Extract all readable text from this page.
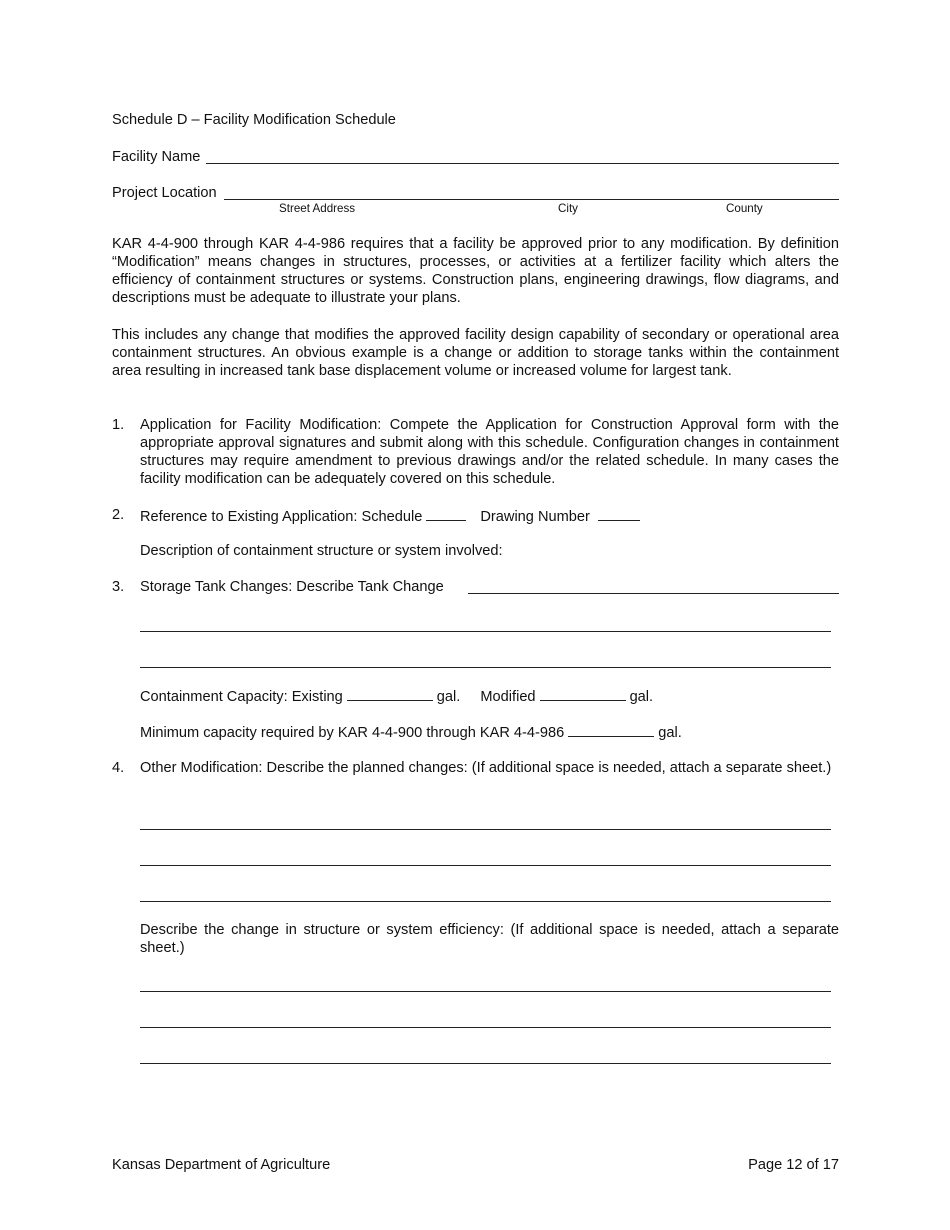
Schedule D – Facility Modification Schedule
Facility Name
Project Location
Street Address	City	County
KAR 4-4-900 through KAR 4-4-986 requires that a facility be approved prior to any modification. By definition “Modification” means changes in structures, processes, or activities at a fertilizer facility which alters the efficiency of containment structures or systems. Construction plans, engineering drawings, flow diagrams, and descriptions must be adequate to illustrate your plans.
This includes any change that modifies the approved facility design capability of secondary or operational area containment structures. An obvious example is a change or addition to storage tanks within the containment area resulting in increased tank base displacement volume or increased volume for largest tank.
1. Application for Facility Modification: Compete the Application for Construction Approval form with the appropriate approval signatures and submit along with this schedule. Configuration changes in containment structures may require amendment to previous drawings and/or the related schedule. In many cases the facility modification can be adequately covered on this schedule.
2. Reference to Existing Application: Schedule	Drawing Number
Description of containment structure or system involved:
3. Storage Tank Changes: Describe Tank Change
Containment Capacity: Existing	gal. Modified	gal.
Minimum capacity required by KAR 4-4-900 through KAR 4-4-986	gal.
4. Other Modification: Describe the planned changes: (If additional space is needed, attach a separate sheet.)
Describe the change in structure or system efficiency: (If additional space is needed, attach a separate sheet.)
Kansas Department of Agriculture	Page 12 of 17
